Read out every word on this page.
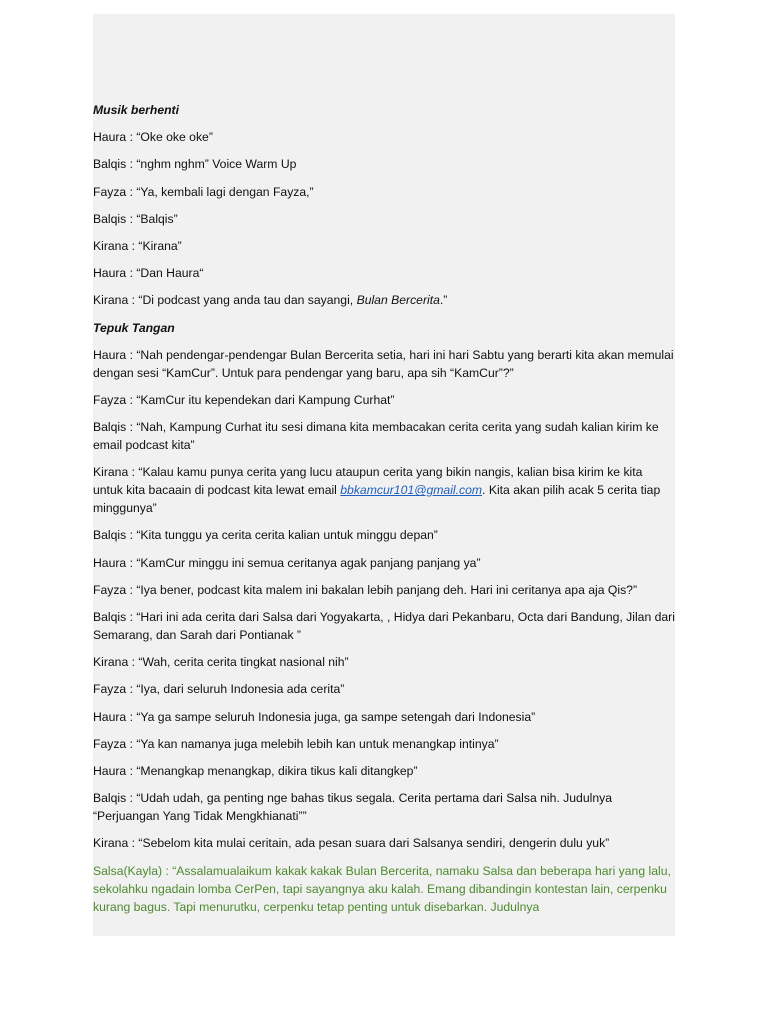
Musik berhenti

Haura : “Oke oke oke”

Balqis : “nghm nghm” Voice Warm Up

Fayza : “Ya, kembali lagi dengan Fayza,”

Balqis : “Balqis”

Kirana : “Kirana”

Haura : “Dan Haura“

Kirana : “Di podcast yang anda tau dan sayangi, Bulan Bercerita.”

Tepuk Tangan

Haura : “Nah pendengar-pendengar Bulan Bercerita setia, hari ini hari Sabtu yang berarti kita akan memulai dengan sesi “KamCur”. Untuk para pendengar yang baru, apa sih “KamCur”?”

Fayza : “KamCur itu kependekan dari Kampung Curhat”

Balqis : “Nah, Kampung Curhat itu sesi dimana kita membacakan cerita cerita yang sudah kalian kirim ke email podcast kita”

Kirana : “Kalau kamu punya cerita yang lucu ataupun cerita yang bikin nangis, kalian bisa kirim ke kita untuk kita bacaain di podcast kita lewat email bbkamcur101@gmail.com. Kita akan pilih acak 5 cerita tiap minggunya”

Balqis : “Kita tunggu ya cerita cerita kalian untuk minggu depan”

Haura : “KamCur minggu ini semua ceritanya agak panjang panjang ya”

Fayza : “Iya bener, podcast kita malem ini bakalan lebih panjang deh. Hari ini ceritanya apa aja Qis?”

Balqis : “Hari ini ada cerita dari Salsa dari Yogyakarta, , Hidya dari Pekanbaru, Octa dari Bandung, Jilan dari Semarang, dan Sarah dari Pontianak ”

Kirana : “Wah, cerita cerita tingkat nasional nih”

Fayza : “Iya, dari seluruh Indonesia ada cerita”

Haura : “Ya ga sampe seluruh Indonesia juga, ga sampe setengah dari Indonesia”

Fayza : “Ya kan namanya juga melebih lebih kan untuk menangkap intinya”

Haura : “Menangkap menangkap, dikira tikus kali ditangkep”

Balqis : “Udah udah, ga penting nge bahas tikus segala. Cerita pertama dari Salsa nih. Judulnya “Perjuangan Yang Tidak Mengkhianati””

Kirana : “Sebelom kita mulai ceritain, ada pesan suara dari Salsanya sendiri, dengerin dulu yuk”

Salsa(Kayla) : “Assalamualaikum kakak kakak Bulan Bercerita, namaku Salsa dan beberapa hari yang lalu, sekolahku ngadain lomba CerPen, tapi sayangnya aku kalah. Emang dibandingin kontestan lain, cerpenku kurang bagus. Tapi menurutku, cerpenku tetap penting untuk disebarkan. Judulnya
